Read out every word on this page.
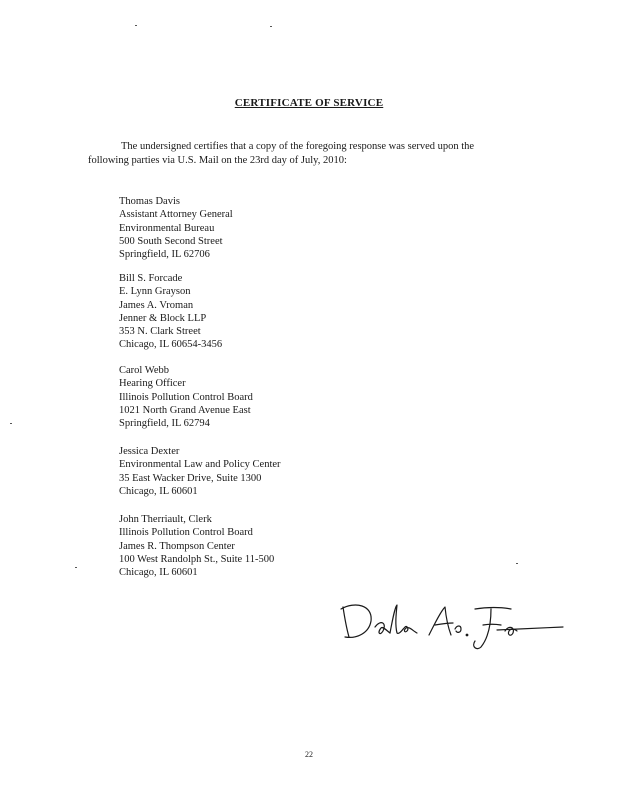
CERTIFICATE OF SERVICE
The undersigned certifies that a copy of the foregoing response was served upon the
following parties via U.S. Mail on the 23rd day of July, 2010:
Thomas Davis
Assistant Attorney General
Environmental Bureau
500 South Second Street
Springfield, IL 62706
Bill S. Forcade
E. Lynn Grayson
James A. Vroman
Jenner & Block LLP
353 N. Clark Street
Chicago, IL 60654-3456
Carol Webb
Hearing Officer
Illinois Pollution Control Board
1021 North Grand Avenue East
Springfield, IL 62794
Jessica Dexter
Environmental Law and Policy Center
35 East Wacker Drive, Suite 1300
Chicago, IL 60601
John Therriault, Clerk
Illinois Pollution Control Board
James R. Thompson Center
100 West Randolph St., Suite 11-500
Chicago, IL 60601
22
